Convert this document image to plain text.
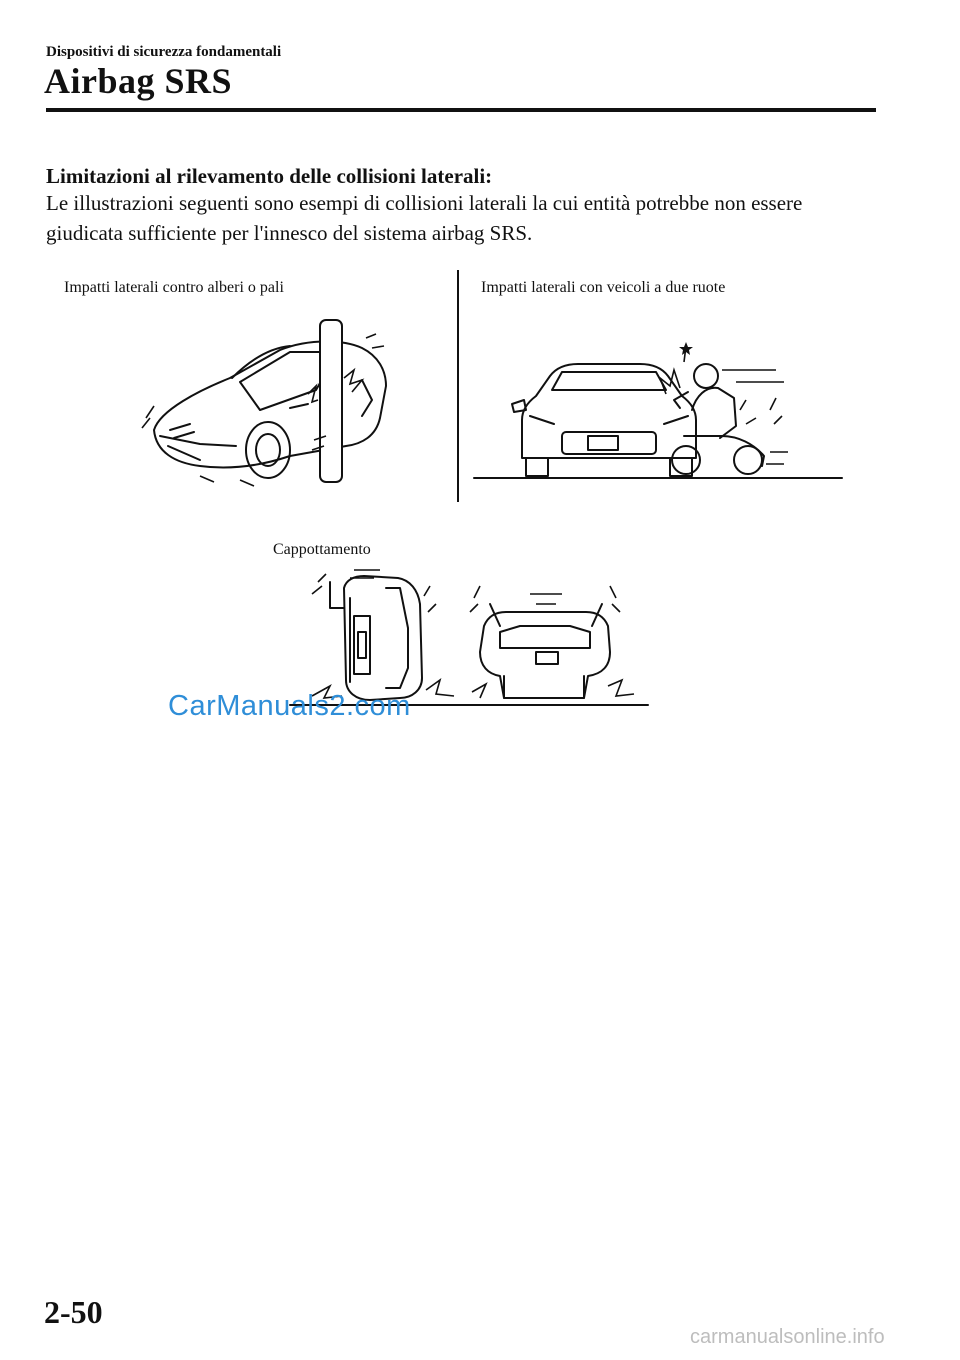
Dispositivi di sicurezza fondamentali
Airbag SRS
Limitazioni al rilevamento delle collisioni laterali:
Le illustrazioni seguenti sono esempi di collisioni laterali la cui entità potrebbe non essere giudicata sufficiente per l'innesco del sistema airbag SRS.
Impatti laterali contro alberi o pali	Impatti laterali con veicoli a due ruote
Cappottamento
CarManuals2.com
2-50
carmanualsonline.info
